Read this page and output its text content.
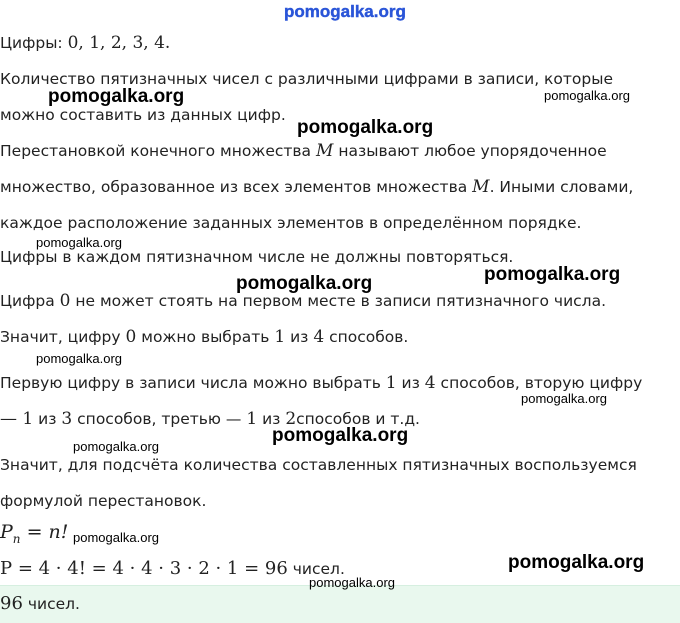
pomogalka.org
Цифры: 0, 1, 2, 3, 4.
Количество пятизначных чисел с различными цифрами в записи, которые
можно составить из данных цифр.
Перестановкой конечного множества M называют любое упорядоченное
множество, образованное из всех элементов множества M. Иными словами,
каждое расположение заданных элементов в определённом порядке.
Цифры в каждом пятизначном числе не должны повторяться.
Цифра 0 не может стоять на первом месте в записи пятизначного числа.
Значит, цифру 0 можно выбрать 1 из 4 способов.
Первую цифру в записи числа можно выбрать 1 из 4 способов, вторую цифру
— 1 из 3 способов, третью — 1 из 2способов и т.д.
Значит, для подсчёта количества составленных пятизначных воспользуемся
формулой перестановок.
$P_n = n$!
P = 4 · 4! = 4 · 4 · 3 · 2 · 1 = 96 чисел.
96 чисел.
pomogalka.org	pomogalka.org
pomogalka.org
pomogalka.org
pomogalka.org
pomogalka.org
pomogalka.org
pomogalka.org
pomogalka.org
pomogalka.org
pomogalka.org
pomogalka.org
pomogalka.org
